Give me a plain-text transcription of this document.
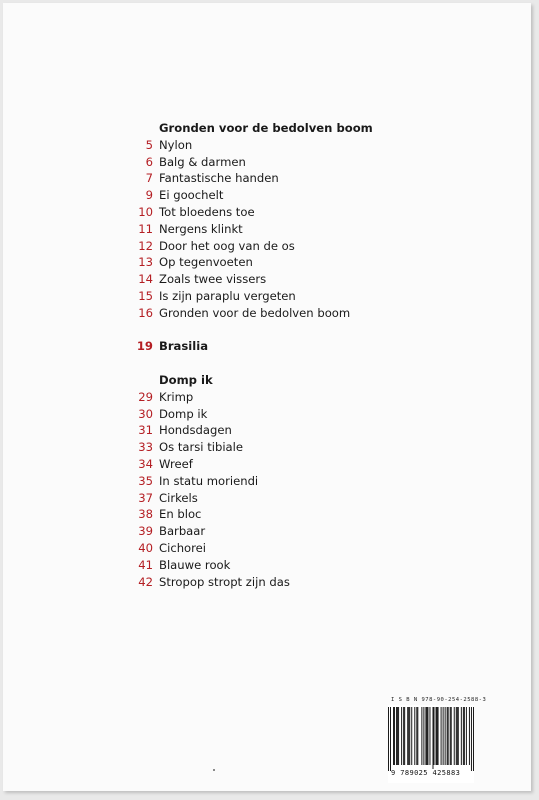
Gronden voor de bedolven boom
5 Nylon
6 Balg & darmen
7 Fantastische handen
9 Ei goochelt
10 Tot bloedens toe
11 Nergens klinkt
12 Door het oog van de os
13 Op tegenvoeten
14 Zoals twee vissers
15 Is zijn paraplu vergeten
16 Gronden voor de bedolven boom
19 Brasilia
Domp ik
29 Krimp
30 Domp ik
31 Hondsdagen
33 Os tarsi tibiale
34 Wreef
35 In statu moriendi
37 Cirkels
38 En bloc
39 Barbaar
40 Cichorei
41 Blauwe rook
42 Stropop stropt zijn das
I S B N 978-90-254-2588-3
9 789025 425883
